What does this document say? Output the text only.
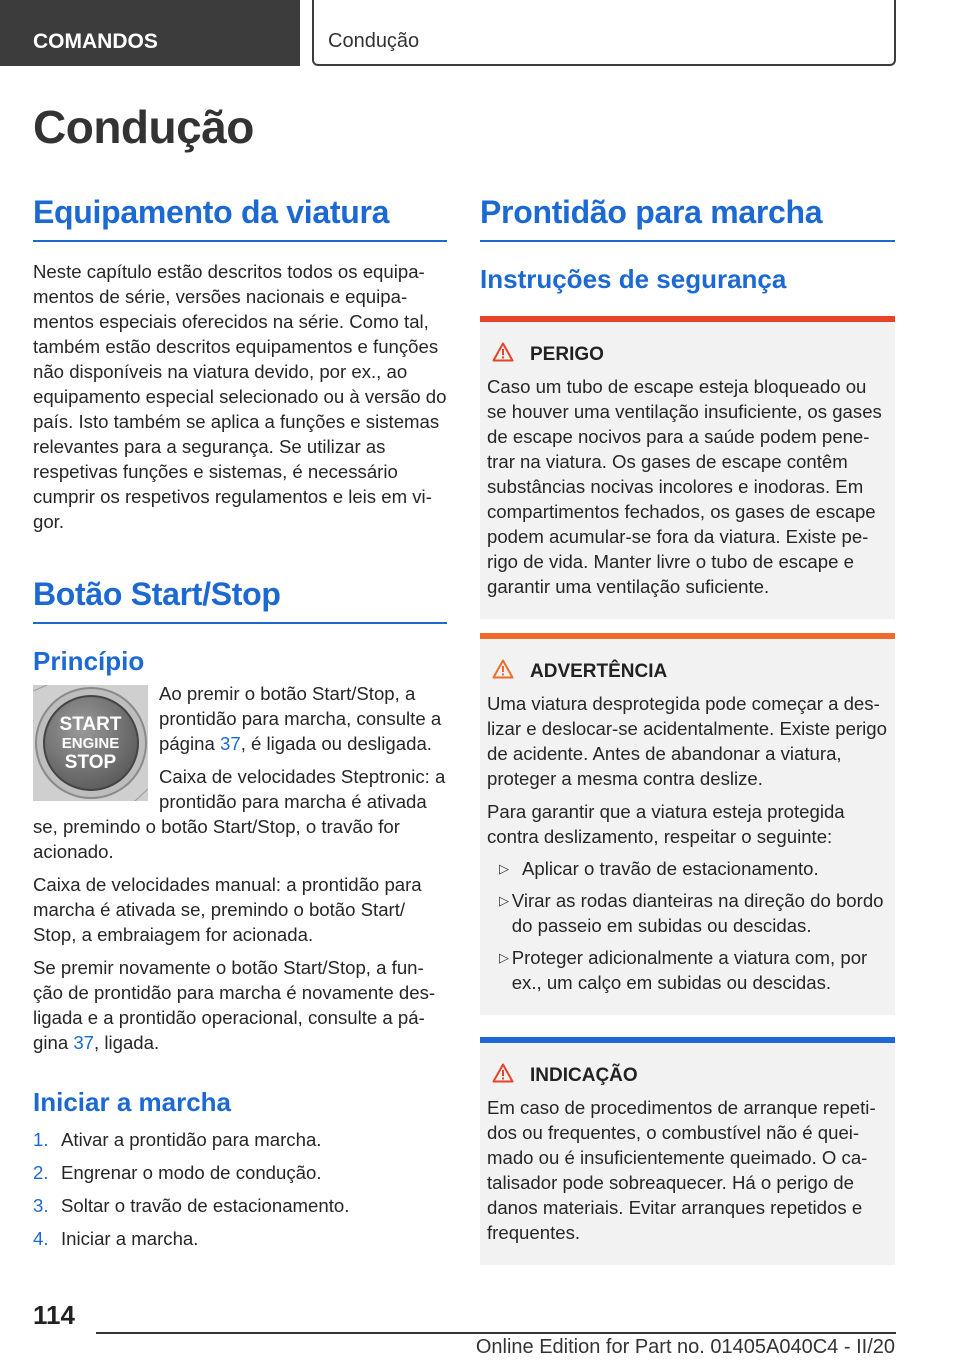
COMANDOS	Condução
Condução
Equipamento da viatura
Neste capítulo estão descritos todos os equipamentos de série, versões nacionais e equipamentos especiais oferecidos na série. Como tal, também estão descritos equipamentos e funções não disponíveis na viatura devido, por ex., ao equipamento especial selecionado ou à versão do país. Isto também se aplica a funções e sistemas relevantes para a segurança. Se utilizar as respetivas funções e sistemas, é necessário cumprir os respetivos regulamentos e leis em vigor.
Botão Start/Stop
Princípio
START
ENGINE
STOP
Ao premir o botão Start/Stop, a prontidão para marcha, consulte a página 37, é ligada ou desligada.
Caixa de velocidades Steptronic: a prontidão para marcha é ativada se, premindo o botão Start/Stop, o travão for acionado.
Caixa de velocidades manual: a prontidão para marcha é ativada se, premindo o botão Start/ Stop, a embraiagem for acionada.
Se premir novamente o botão Start/Stop, a função de prontidão para marcha é novamente desligada e a prontidão operacional, consulte a página 37, ligada.
Iniciar a marcha
1. Ativar a prontidão para marcha.
2. Engrenar o modo de condução.
3. Soltar o travão de estacionamento.
4. Iniciar a marcha.
Prontidão para marcha
Instruções de segurança
PERIGO
Caso um tubo de escape esteja bloqueado ou se houver uma ventilação insuficiente, os gases de escape nocivos para a saúde podem penetrar na viatura. Os gases de escape contêm substâncias nocivas incolores e inodoras. Em compartimentos fechados, os gases de escape podem acumular-se fora da viatura. Existe perigo de vida. Manter livre o tubo de escape e garantir uma ventilação suficiente.
ADVERTÊNCIA
Uma viatura desprotegida pode começar a deslizar e deslocar-se acidentalmente. Existe perigo de acidente. Antes de abandonar a viatura, proteger a mesma contra deslize.
Para garantir que a viatura esteja protegida contra deslizamento, respeitar o seguinte:
▷ Aplicar o travão de estacionamento.
▷ Virar as rodas dianteiras na direção do bordo do passeio em subidas ou descidas.
▷ Proteger adicionalmente a viatura com, por ex., um calço em subidas ou descidas.
INDICAÇÃO
Em caso de procedimentos de arranque repetidos ou frequentes, o combustível não é queimado ou é insuficientemente queimado. O catalisador pode sobreaquecer. Há o perigo de danos materiais. Evitar arranques repetidos e frequentes.
114
Online Edition for Part no. 01405A040C4 - II/20
